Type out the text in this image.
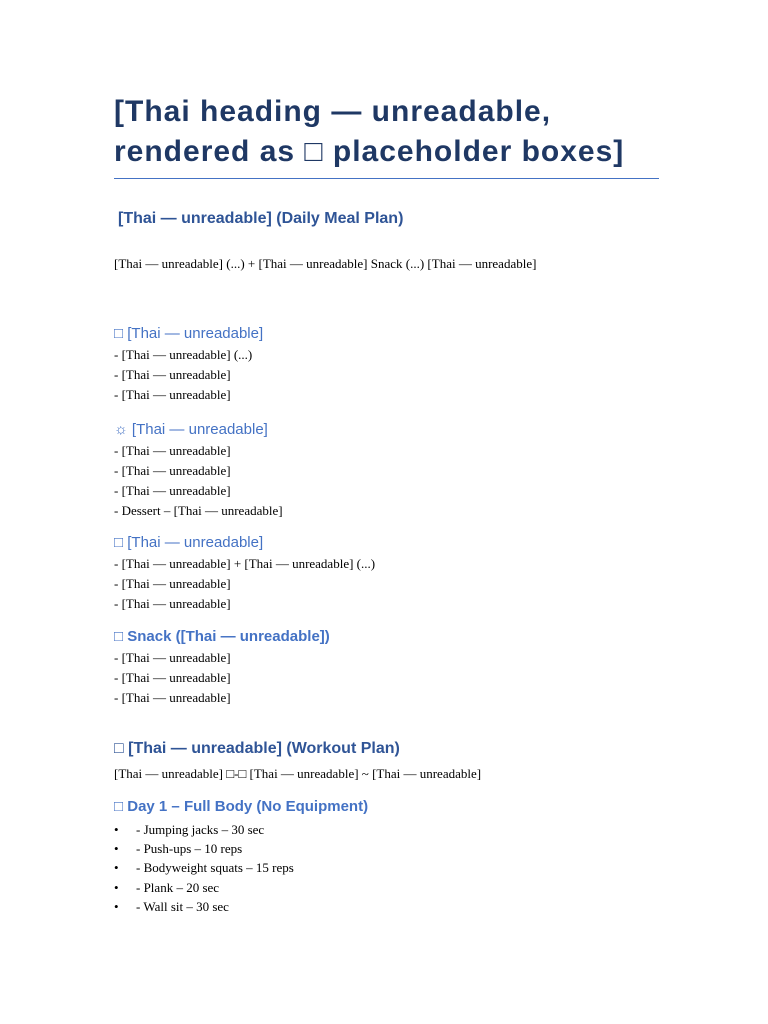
[Thai heading — unreadable, rendered as □ placeholder boxes]
[Thai — unreadable] (Daily Meal Plan)
[Thai — unreadable] (...) + [Thai — unreadable] Snack (...) [Thai — unreadable]
□ [Thai — unreadable]
- [Thai — unreadable] (...)
- [Thai — unreadable]
- [Thai — unreadable]
☼ [Thai — unreadable]
- [Thai — unreadable]
- [Thai — unreadable]
- [Thai — unreadable]
- Dessert – [Thai — unreadable]
□ [Thai — unreadable]
- [Thai — unreadable] + [Thai — unreadable] (...)
- [Thai — unreadable]
- [Thai — unreadable]
□ Snack ([Thai — unreadable])
- [Thai — unreadable]
- [Thai — unreadable]
- [Thai — unreadable]
□ [Thai — unreadable] (Workout Plan)
[Thai — unreadable] □-□ [Thai — unreadable] ~ [Thai — unreadable]
□ Day 1 – Full Body (No Equipment)
• - Jumping jacks – 30 sec
• - Push-ups – 10 reps
• - Bodyweight squats – 15 reps
• - Plank – 20 sec
• - Wall sit – 30 sec
